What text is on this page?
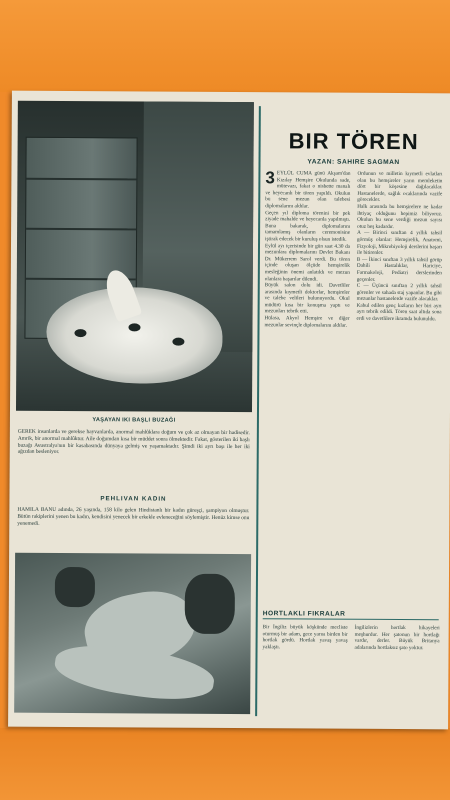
YAŞAYAN IKI BAŞLI BUZAĞI
GEREK insanlarda ve gerekse hayvanlarda, anormal mahlûklara doğum ve çok az olmayan bir hadisedir. Amrik, bir anormal mahlûktur. Aile doğumdan kısa bir müddet sonra ölmektedir. Fakat, gösterilen iki başlı buzağı Avustralya'nın bir kasabasında dünyaya gelmiş ve yaşamaktadır. Şimdi iki ayrı başı ile her iki ağızdan besleniyor.
PEHLIVAN KADIN
HAMILA BANU adında, 26 yaşında, 158 kilo gelen Hindistanlı bir kadın güreşçi, şampiyon olmuştur. Bütün rakiplerini yenen bu kadın, kendisini yenecek bir erkekle evleneceğini söylemiştir. Henüz kimse onu yenemedi.
BIR TÖREN
YAZAN: SAHIRE SAGMAN
3 EYLÜL CUMA günü Akşam'dan Kızılay Hemşire Okulunda sade, mütevazı, fakat o nisbette manalı ve heyecanlı bir tören yapıldı. Okulun bu sene mezun olan talebesi diplomalarını aldılar.
Geçen yıl diploma törenini bir pek ziyade mahalde ve heyecanla yapılmıştı. Buna bakarak, diplomalarını tamamlamış olanların ceremonisine iştirak edecek bir kuruluş olsun istedik.
Eylül ayı içerisinde bir gün saat 4.30 da mezunlara diplomalarını Devlet Bakanı Dr. Mükerrem Sarol verdi. Bu tören içinde oluşan ölçüde hemşirelik mesleğinin önemi anlatıldı ve mezun olanlara başarılar dilendi.
Büyük salon dolu idi. Davetliler arasında kıymetli doktorlar, hemşireler ve talebe velileri bulunuyordu. Okul müdürü kısa bir konuşma yaptı ve mezunları tebrik etti.
Hülasa, Akyol Hemşire ve diğer mezunlar sevinçle diplomalarını aldılar.
Ordunun ve milletin kıymetli evlatları olan bu hemşireler yarın memleketin dört bir köşesine dağılacaklar. Hastanelerde, sağlık ocaklarında vazife görecekler.
Halk arasında bu hemşirelere ne kadar ihtiyaç olduğunu hepimiz biliyoruz. Okulun bu sene verdiği mezun sayısı otuz beş kadardır.
A — Birinci sınıftan 4 yıllık tahsil görmüş olanlar: Hemşirelik, Anatomi, Fizyoloji, Mikrobiyoloji derslerini başarı ile bitirenler.
B — İkinci sınıftan 3 yıllık tahsil görüp Dahili Hastalıklar, Hariciye, Farmakoloji, Pediatri derslerinden geçenler.
C — Üçüncü sınıftan 2 yıllık tahsil görenler ve sahada staj yapanlar. Bu gibi mezunlar hastanelerde vazife alacaklar.
Kabul edilen genç kızların her biri ayrı ayrı tebrik edildi. Tören saat altıda sona erdi ve davetlilere ikramda bulunuldu.
HORTLAKLI FIKRALAR
Bir İngiliz büyük köşkünde mecliste oturmuş bir adam, gece yarısı birden bir hortlak gördü. Hortlak yavaş yavaş yaklaştı.
İngilizlerin hortlak hikayeleri meşhurdur. Her şatonun bir hortlağı vardır, derler. Büyük Britanya adalarında hortlaksız şato yoktur.
